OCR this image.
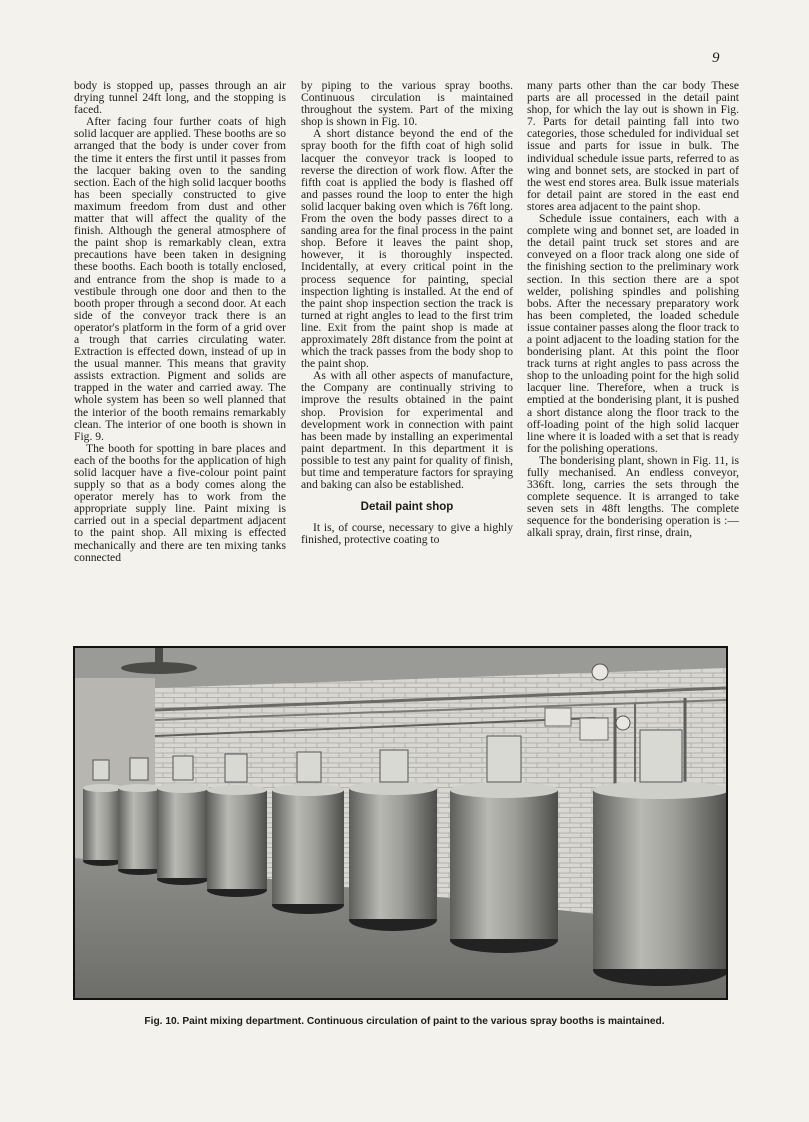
9

body is stopped up, passes through an air drying tunnel 24ft long, and the stopping is faced.

After facing four further coats of high solid lacquer are applied. These booths are so arranged that the body is under cover from the time it enters the first until it passes from the lacquer baking oven to the sanding section. Each of the high solid lacquer booths has been specially constructed to give maximum freedom from dust and other matter that will affect the quality of the finish. Although the general atmosphere of the paint shop is remarkably clean, extra precautions have been taken in designing these booths. Each booth is totally enclosed, and entrance from the shop is made to a vestibule through one door and then to the booth proper through a second door. At each side of the conveyor track there is an operator's platform in the form of a grid over a trough that carries circulating water. Extraction is effected down, instead of up in the usual manner. This means that gravity assists extraction. Pigment and solids are trapped in the water and carried away. The whole system has been so well planned that the interior of the booth remains remarkably clean. The interior of one booth is shown in Fig. 9.

The booth for spotting in bare places and each of the booths for the application of high solid lacquer have a five-colour point paint supply so that as a body comes along the operator merely has to work from the appropriate supply line. Paint mixing is carried out in a special department adjacent to the paint shop. All mixing is effected mechanically and there are ten mixing tanks connected

by piping to the various spray booths. Continuous circulation is maintained throughout the system. Part of the mixing shop is shown in Fig. 10.

A short distance beyond the end of the spray booth for the fifth coat of high solid lacquer the conveyor track is looped to reverse the direction of work flow. After the fifth coat is applied the body is flashed off and passes round the loop to enter the high solid lacquer baking oven which is 76ft long. From the oven the body passes direct to a sanding area for the final process in the paint shop. Before it leaves the paint shop, however, it is thoroughly inspected. Incidentally, at every critical point in the process sequence for painting, special inspection lighting is installed. At the end of the paint shop inspection section the track is turned at right angles to lead to the first trim line. Exit from the paint shop is made at approximately 28ft distance from the point at which the track passes from the body shop to the paint shop.

As with all other aspects of manufacture, the Company are continually striving to improve the results obtained in the paint shop. Provision for experimental and development work in connection with paint has been made by installing an experimental paint department. In this department it is possible to test any paint for quality of finish, but time and temperature factors for spraying and baking can also be established.

Detail paint shop

It is, of course, necessary to give a highly finished, protective coating to

many parts other than the car body These parts are all processed in the detail paint shop, for which the lay out is shown in Fig. 7. Parts for detail painting fall into two categories, those scheduled for individual set issue and parts for issue in bulk. The individual schedule issue parts, referred to as wing and bonnet sets, are stocked in part of the west end stores area. Bulk issue materials for detail paint are stored in the east end stores area adjacent to the paint shop.

Schedule issue containers, each with a complete wing and bonnet set, are loaded in the detail paint truck set stores and are conveyed on a floor track along one side of the finishing section to the preliminary work section. In this section there are a spot welder, polishing spindles and polishing bobs. After the necessary preparatory work has been completed, the loaded schedule issue container passes along the floor track to a point adjacent to the loading station for the bonderising plant. At this point the floor track turns at right angles to pass across the shop to the unloading point for the high solid lacquer line. Therefore, when a truck is emptied at the bonderising plant, it is pushed a short distance along the floor track to the off-loading point of the high solid lacquer line where it is loaded with a set that is ready for the polishing operations.

The bonderising plant, shown in Fig. 11, is fully mechanised. An endless conveyor, 336ft. long, carries the sets through the complete sequence. It is arranged to take seven sets in 48ft lengths. The complete sequence for the bonderising operation is :— alkali spray, drain, first rinse, drain,

Fig. 10. Paint mixing department. Continuous circulation of paint to the various spray booths is maintained.
